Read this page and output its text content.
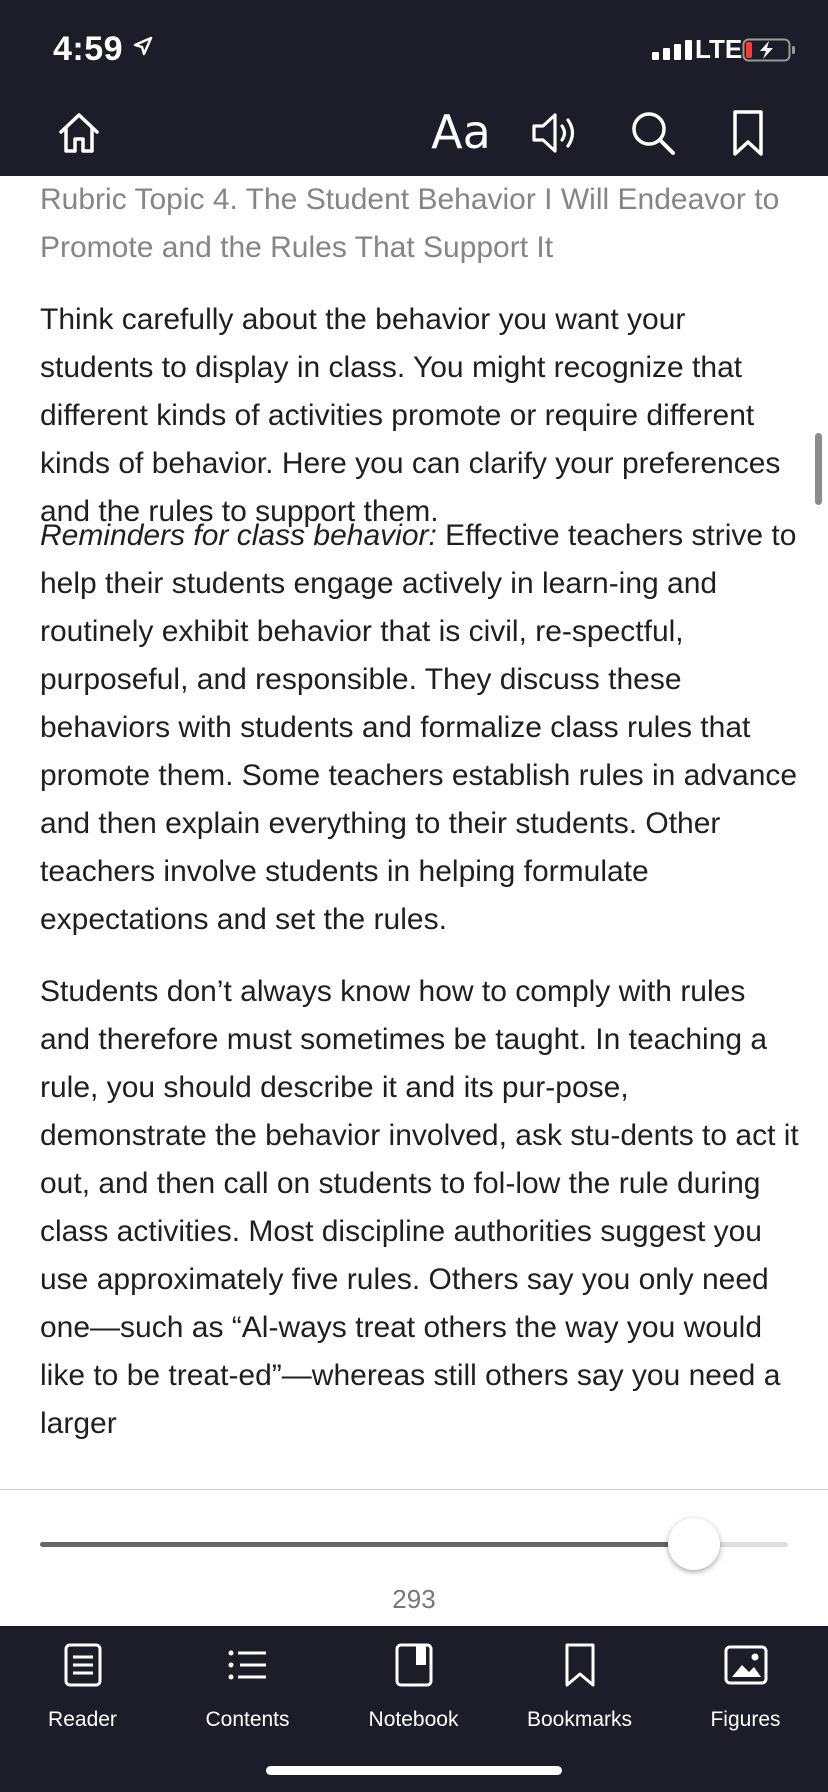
4:59	LTE
Aa
Rubric Topic 4. The Student Behavior I Will Endeavor to Promote and the Rules That Support It

Think carefully about the behavior you want your students to display in class. You might recognize that different kinds of activities promote or require different kinds of behavior. Here you can clarify your preferences and the rules to support them.

Reminders for class behavior: Effective teachers strive to help their students engage actively in learn-ing and routinely exhibit behavior that is civil, re-spectful, purposeful, and responsible. They discuss these behaviors with students and formalize class rules that promote them. Some teachers establish rules in advance and then explain everything to their students. Other teachers involve students in helping formulate expectations and set the rules.

Students don’t always know how to comply with rules and therefore must sometimes be taught. In teaching a rule, you should describe it and its pur-pose, demonstrate the behavior involved, ask stu-dents to act it out, and then call on students to fol-low the rule during class activities. Most discipline authorities suggest you use approximately five rules. Others say you only need one—such as “Al-ways treat others the way you would like to be treat-ed”—whereas still others say you need a larger

293
Reader	Contents	Notebook	Bookmarks	Figures
